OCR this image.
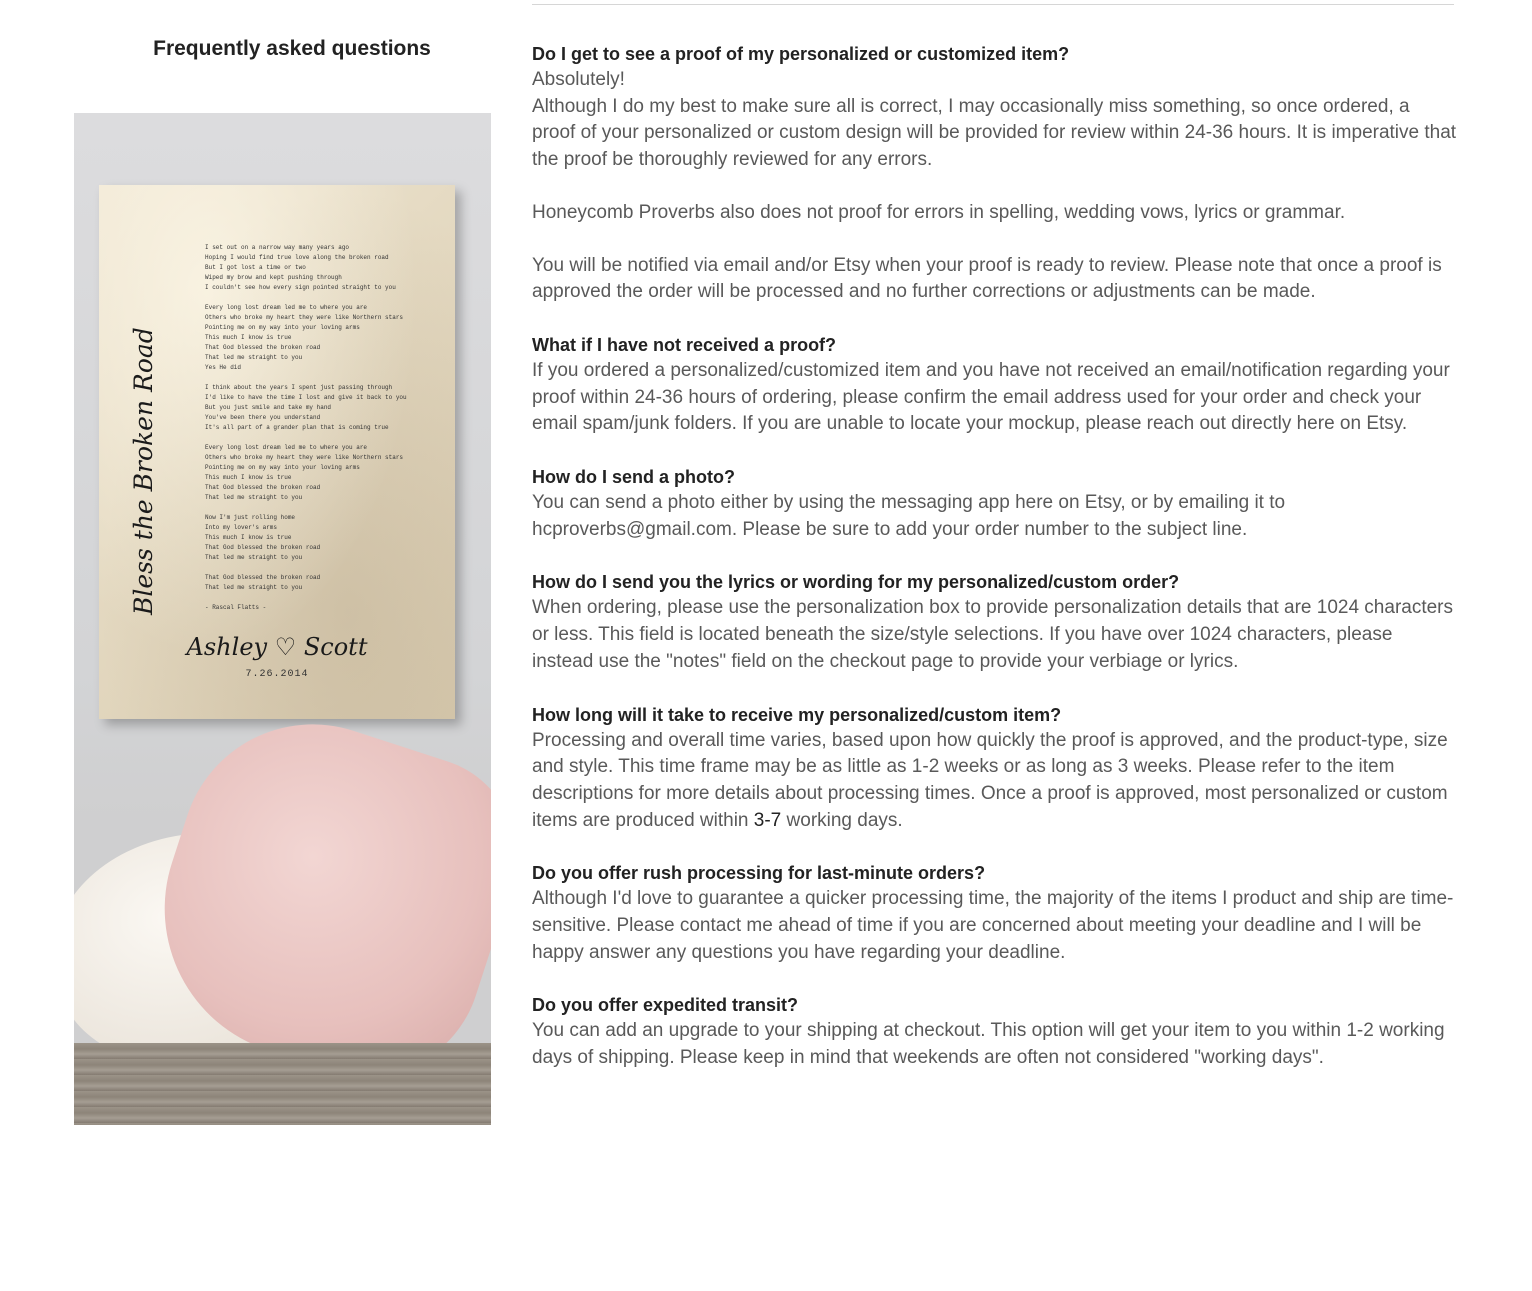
Frequently asked questions
Bless the Broken Road
I set out on a narrow way many years ago
Hoping I would find true love along the broken road
But I got lost a time or two
Wiped my brow and kept pushing through
I couldn't see how every sign pointed straight to you
Every long lost dream led me to where you are
Others who broke my heart they were like Northern stars
Pointing me on my way into your loving arms
This much I know is true
That God blessed the broken road
That led me straight to you
Yes He did
I think about the years I spent just passing through
I'd like to have the time I lost and give it back to you
But you just smile and take my hand
You've been there you understand
It's all part of a grander plan that is coming true
Every long lost dream led me to where you are
Others who broke my heart they were like Northern stars
Pointing me on my way into your loving arms
This much I know is true
That God blessed the broken road
That led me straight to you
Now I'm just rolling home
Into my lover's arms
This much I know is true
That God blessed the broken road
That led me straight to you
That God blessed the broken road
That led me straight to you
- Rascal Flatts -
Ashley ♡ Scott
7.26.2014
Do I get to see a proof of my personalized or customized item?

Absolutely!

Although I do my best to make sure all is correct, I may occasionally miss something, so once ordered, a proof of your personalized or custom design will be provided for review within 24-36 hours. It is imperative that the proof be thoroughly reviewed for any errors.

Honeycomb Proverbs also does not proof for errors in spelling, wedding vows, lyrics or grammar.

You will be notified via email and/or Etsy when your proof is ready to review. Please note that once a proof is approved the order will be processed and no further corrections or adjustments can be made.

What if I have not received a proof?

If you ordered a personalized/customized item and you have not received an email/notification regarding your proof within 24-36 hours of ordering, please confirm the email address used for your order and check your email spam/junk folders. If you are unable to locate your mockup, please reach out directly here on Etsy.

How do I send a photo?

You can send a photo either by using the messaging app here on Etsy, or by emailing it to hcproverbs@gmail.com. Please be sure to add your order number to the subject line.

How do I send you the lyrics or wording for my personalized/custom order?

When ordering, please use the personalization box to provide personalization details that are 1024 characters or less. This field is located beneath the size/style selections. If you have over 1024 characters, please instead use the "notes" field on the checkout page to provide your verbiage or lyrics.

How long will it take to receive my personalized/custom item?

Processing and overall time varies, based upon how quickly the proof is approved, and the product-type, size and style. This time frame may be as little as 1-2 weeks or as long as 3 weeks. Please refer to the item descriptions for more details about processing times. Once a proof is approved, most personalized or custom items are produced within 3-7 working days.

Do you offer rush processing for last-minute orders?

Although I'd love to guarantee a quicker processing time, the majority of the items I product and ship are time-sensitive. Please contact me ahead of time if you are concerned about meeting your deadline and I will be happy answer any questions you have regarding your deadline.

Do you offer expedited transit?

You can add an upgrade to your shipping at checkout. This option will get your item to you within 1-2 working days of shipping. Please keep in mind that weekends are often not considered "working days".
